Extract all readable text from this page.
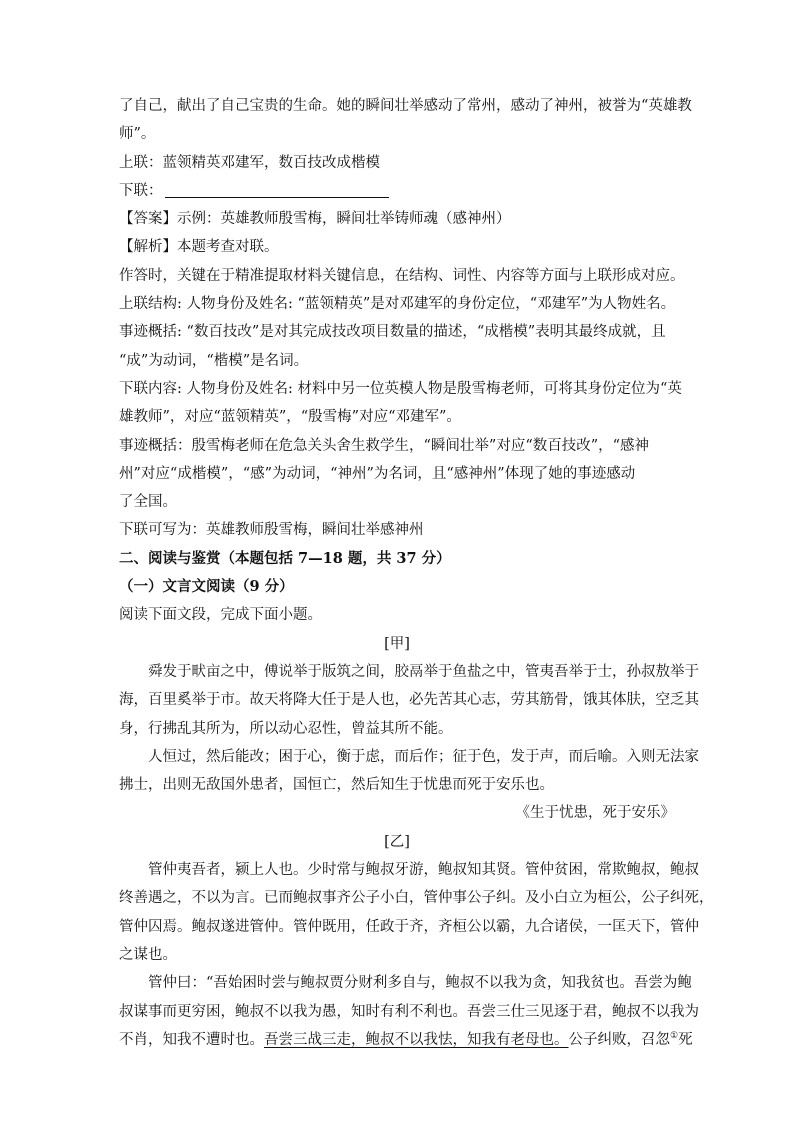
了自己，献出了自己宝贵的生命。她的瞬间壮举感动了常州，感动了神州，被誉为“英雄教
师”。
上联：蓝领精英邓建军，数百技改成楷模
下联：
【答案】示例：英雄教师殷雪梅，瞬间壮举铸师魂（感神州）
【解析】本题考查对联。
作答时，关键在于精准提取材料关键信息，在结构、词性、内容等方面与上联形成对应。
上联结构: 人物身份及姓名: “蓝领精英”是对邓建军的身份定位，“邓建军”为人物姓名。
事迹概括: “数百技改”是对其完成技改项目数量的描述，“成楷模”表明其最终成就，且
“成”为动词，“楷模”是名词。
下联内容: 人物身份及姓名: 材料中另一位英模人物是殷雪梅老师，可将其身份定位为“英
雄教师”，对应“蓝领精英”，“殷雪梅”对应“邓建军”。
事迹概括：殷雪梅老师在危急关头舍生救学生，“瞬间壮举”对应“数百技改”，“感神
州”对应“成楷模”，“感”为动词，“神州”为名词，且“感神州”体现了她的事迹感动
了全国。
下联可写为：英雄教师殷雪梅，瞬间壮举感神州
二、阅读与鉴赏（本题包括 7—18 题，共 37 分）
（一）文言文阅读（9 分）
阅读下面文段，完成下面小题。
[甲]
舜发于畎亩之中，傅说举于版筑之间，胶鬲举于鱼盐之中，管夷吾举于士，孙叔敖举于
海，百里奚举于市。故天将降大任于是人也，必先苦其心志，劳其筋骨，饿其体肤，空乏其
身，行拂乱其所为，所以动心忍性，曾益其所不能。
人恒过，然后能改；困于心，衡于虑，而后作；征于色，发于声，而后喻。入则无法家
拂士，出则无敌国外患者，国恒亡，然后知生于忧患而死于安乐也。
《生于忧患，死于安乐》
[乙]
管仲夷吾者，颍上人也。少时常与鲍叔牙游，鲍叔知其贤。管仲贫困，常欺鲍叔，鲍叔
终善遇之，不以为言。已而鲍叔事齐公子小白，管仲事公子纠。及小白立为桓公，公子纠死，
管仲囚焉。鲍叔遂进管仲。管仲既用，任政于齐，齐桓公以霸，九合诸侯，一匡天下，管仲
之谋也。
管仲曰：“吾始困时尝与鲍叔贾分财利多自与，鲍叔不以我为贪，知我贫也。吾尝为鲍
叔谋事而更穷困，鲍叔不以我为愚，知时有利不利也。吾尝三仕三见逐于君，鲍叔不以我为
不肖，知我不遭时也。吾尝三战三走，鲍叔不以我怯，知我有老母也。公子纠败，召忽①死
